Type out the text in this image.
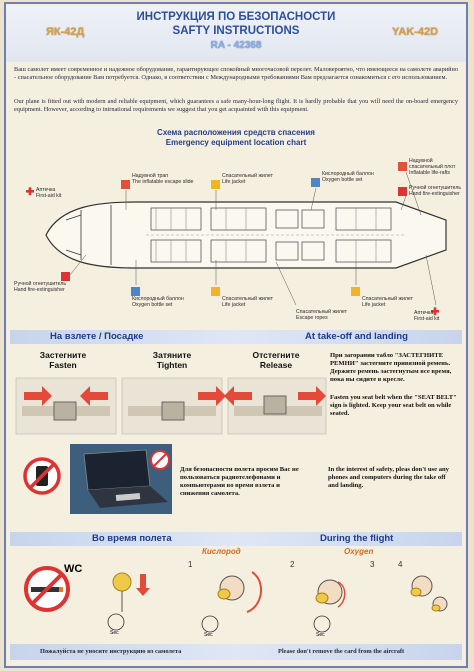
ЯК-42Д	YAK-42D
ИНСТРУКЦИЯ ПО БЕЗОПАСНОСТИ
SAFTY INSTRUCTIONS
RA - 42368
Ваш самолет имеет современное и надежное оборудование, гарантирующее спокойный многочасовой перелет. Маловероятно, что имеющееся на самолете аварийно - спасательное оборудование Вам потребуется. Однако, в соответствии с Международными требованиями Вам предлагается ознакомиться с его использованием.
Our plane is fitted out with modern and reliable equipment, which guarantees a safe many-hour-long flight. It is hardly probable that you will need the on-board emergency equipment. However, according to intrnational requirements we suggest that you get acquainted with this equipment.
Схема расположения средств спасения
Emergency equipment location chart
Аптечка
First-aid kit
Надувной трап
The inflatable escape slide
Спасательный жилет
Life jacket
Кислородный баллон
Oxygen bottle set
Надувной спасательный плот
Inflatable life-rafts
Ручной огнетушитель
Hand fire-extinguisher
Ручной огнетушитель
Hand fire-extinguisher
Кислородный баллон
Oxygen bottle set
Спасательный жилет
Life jacket
Спасательный жилет
Life jacket
Спасательный жилет
Escape ropes
Аптечка
First-aid kit
На взлете / Посадке	At take-off and landing
Застегните
Fasten
Затяните
Tighten
Отстегните
Release
При загорании табло "ЗАСТЕГНИТЕ РЕМНИ" застегните привязной ремень. Держите ремень застегнутым все время, пока вы сидите в кресле.
Fasten you seat belt when the "SEAT BELT" sign is lighted. Keep your seat belt on while seated.
Для безопасности полета просим Вас не пользоваться радиотелефонами и компьютерами во время взлета и снижения самолета.
In the interest of safety, pleas don't use any phones and computers during the take off and landing.
Во время полета	During the flight
Кислород	Oxygen
WC	1	2	3	4
Sec	Sec	Sec
Пожалуйста не уносите инструкцию из самолета	Please don't remove the card from the aircraft
